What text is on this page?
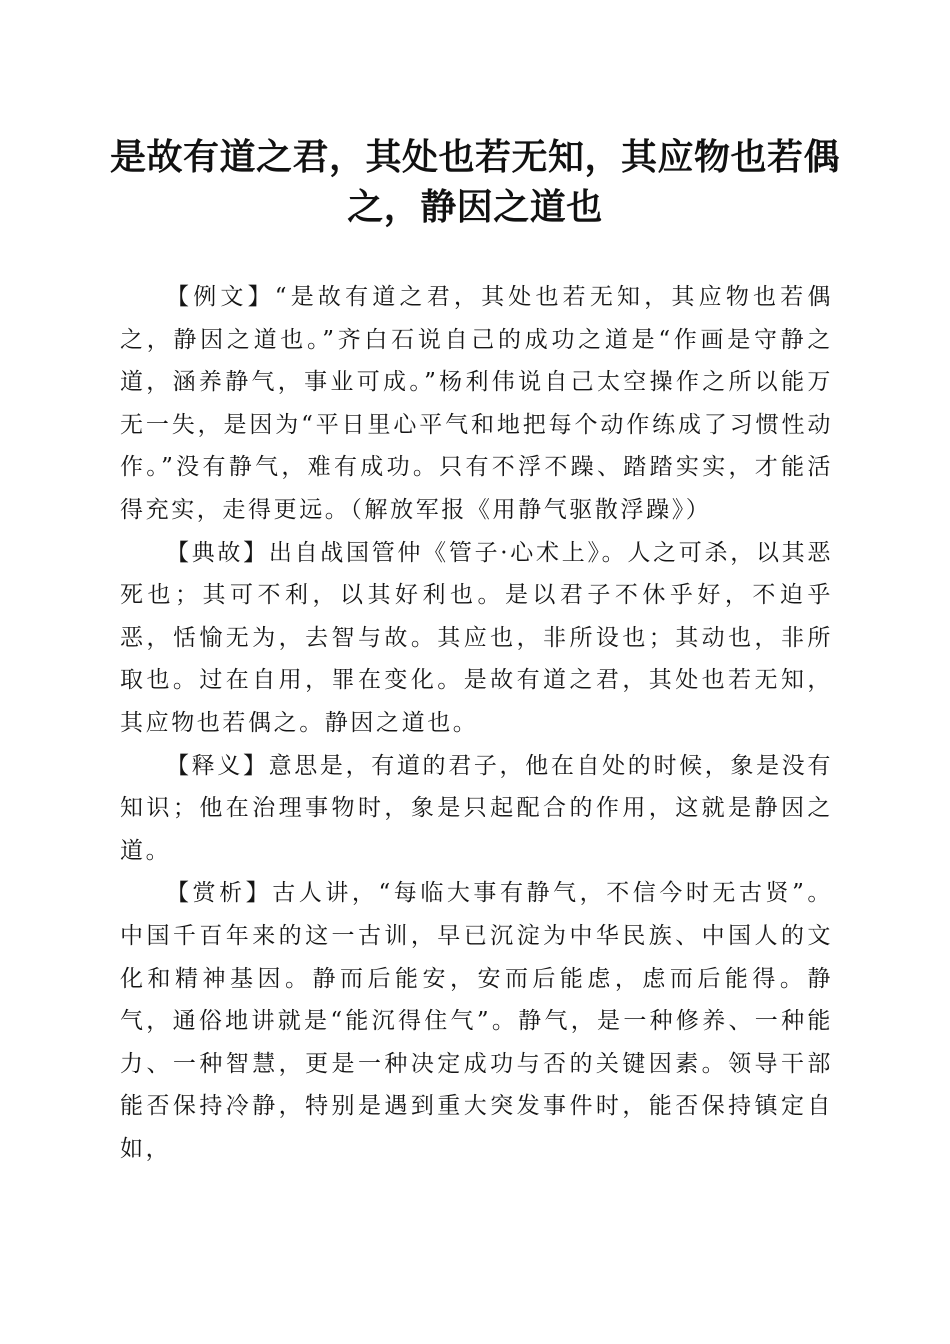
是故有道之君，其处也若无知，其应物也若偶之，静因之道也

【例文】“是故有道之君，其处也若无知，其应物也若偶之，静因之道也。”齐白石说自己的成功之道是“作画是守静之道，涵养静气，事业可成。”杨利伟说自己太空操作之所以能万无一失，是因为“平日里心平气和地把每个动作练成了习惯性动作。”没有静气，难有成功。只有不浮不躁、踏踏实实，才能活得充实，走得更远。（解放军报《用静气驱散浮躁》）

【典故】出自战国管仲《管子·心术上》。人之可杀，以其恶死也；其可不利，以其好利也。是以君子不休乎好，不迫乎恶，恬愉无为，去智与故。其应也，非所设也；其动也，非所取也。过在自用，罪在变化。是故有道之君，其处也若无知，其应物也若偶之。静因之道也。

【释义】意思是，有道的君子，他在自处的时候，象是没有知识；他在治理事物时，象是只起配合的作用，这就是静因之道。

【赏析】古人讲，“每临大事有静气，不信今时无古贤”。中国千百年来的这一古训，早已沉淀为中华民族、中国人的文化和精神基因。静而后能安，安而后能虑，虑而后能得。静气，通俗地讲就是“能沉得住气”。静气，是一种修养、一种能力、一种智慧，更是一种决定成功与否的关键因素。领导干部能否保持冷静，特别是遇到重大突发事件时，能否保持镇定自如，
